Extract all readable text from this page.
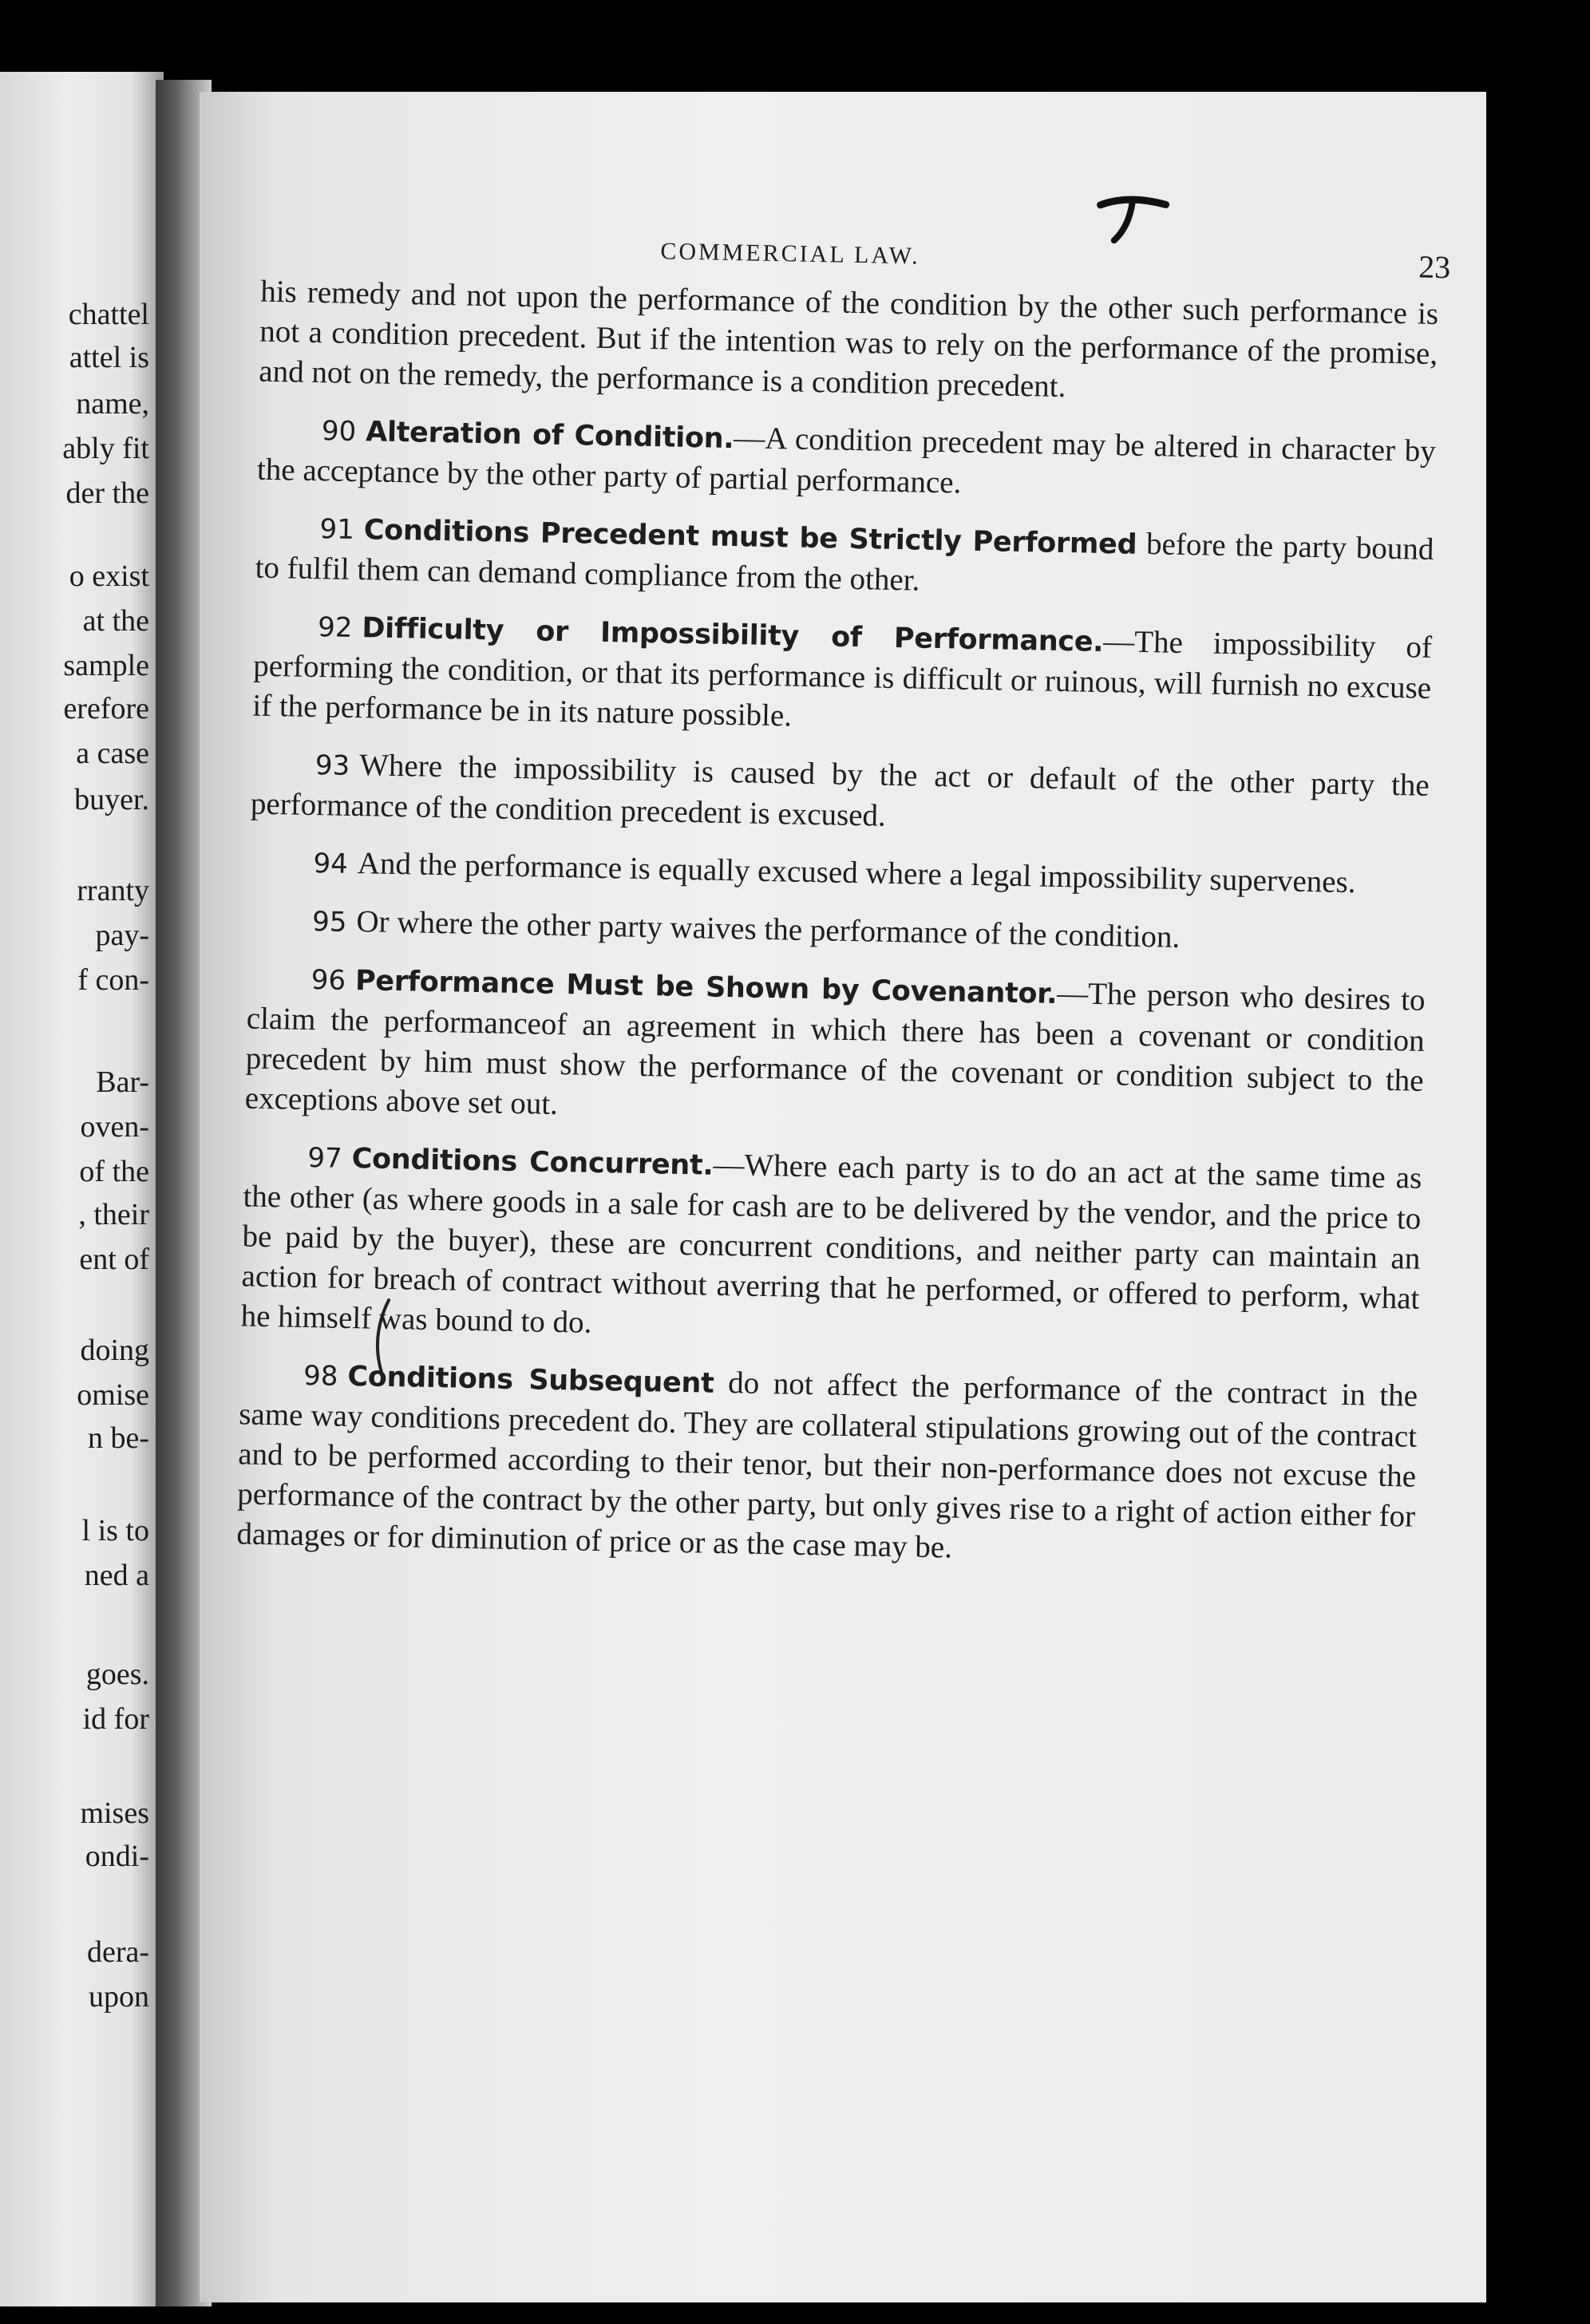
chattel
attel is
name,
ably fit
der the
o exist
at the
sample
erefore
a case
buyer.
rranty
pay-
f con-
Bar-
oven-
of the
, their
ent of
doing
omise
n be-
l is to
ned a
goes.
id for
mises
ondi-
dera-
upon
COMMERCIAL LAW.	23

his remedy and not upon the performance of the condition by the other such performance is not a condition precedent. But if the intention was to rely on the performance of the promise, and not on the remedy, the performance is a condition precedent.

90 Alteration of Condition.—A condition precedent may be altered in character by the acceptance by the other party of partial performance.

91 Conditions Precedent must be Strictly Performed before the party bound to fulfil them can demand compliance from the other.

92 Difficulty or Impossibility of Performance.—The impossibility of performing the condition, or that its performance is difficult or ruinous, will furnish no excuse if the performance be in its nature possible.

93 Where the impossibility is caused by the act or default of the other party the performance of the condition precedent is excused.

94 And the performance is equally excused where a legal impossibility supervenes.

95 Or where the other party waives the performance of the condition.

96 Performance Must be Shown by Covenantor.—The person who desires to claim the performanceof an agreement in which there has been a covenant or condition precedent by him must show the performance of the covenant or condition subject to the exceptions above set out.

97 Conditions Concurrent.—Where each party is to do an act at the same time as the other (as where goods in a sale for cash are to be delivered by the vendor, and the price to be paid by the buyer), these are concurrent conditions, and neither party can maintain an action for breach of contract without averring that he performed, or offered to perform, what he himself was bound to do.

98 Conditions Subsequent do not affect the performance of the contract in the same way conditions precedent do. They are collateral stipulations growing out of the contract and to be performed according to their tenor, but their non-performance does not excuse the performance of the contract by the other party, but only gives rise to a right of action either for damages or for diminution of price or as the case may be.
